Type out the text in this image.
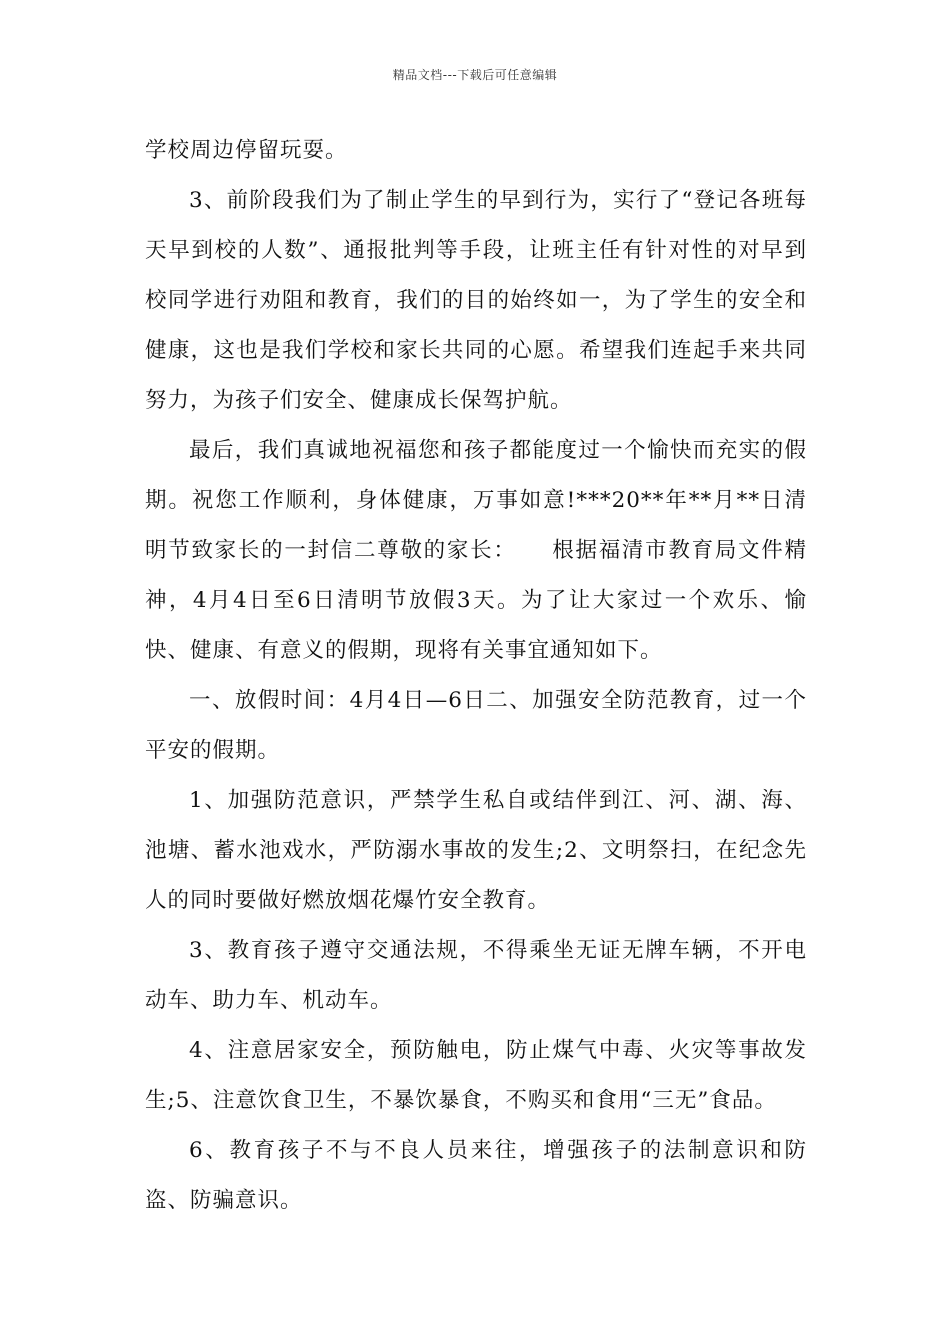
精品文档---下载后可任意编辑

学校周边停留玩耍。

3、前阶段我们为了制止学生的早到行为，实行了“登记各班每天早到校的人数”、通报批判等手段，让班主任有针对性的对早到校同学进行劝阻和教育，我们的目的始终如一，为了学生的安全和健康，这也是我们学校和家长共同的心愿。希望我们连起手来共同努力，为孩子们安全、健康成长保驾护航。

最后，我们真诚地祝福您和孩子都能度过一个愉快而充实的假期。祝您工作顺利，身体健康，万事如意!***20**年**月**日清明节致家长的一封信二尊敬的家长：　　根据福清市教育局文件精神，4月4日至6日清明节放假3天。为了让大家过一个欢乐、愉快、健康、有意义的假期，现将有关事宜通知如下。

一、放假时间：4月4日—6日二、加强安全防范教育，过一个平安的假期。

1、加强防范意识，严禁学生私自或结伴到江、河、湖、海、池塘、蓄水池戏水，严防溺水事故的发生;2、文明祭扫，在纪念先人的同时要做好燃放烟花爆竹安全教育。

3、教育孩子遵守交通法规，不得乘坐无证无牌车辆，不开电动车、助力车、机动车。

4、注意居家安全，预防触电，防止煤气中毒、火灾等事故发生;5、注意饮食卫生，不暴饮暴食，不购买和食用“三无”食品。

6、教育孩子不与不良人员来往，增强孩子的法制意识和防盗、防骗意识。
